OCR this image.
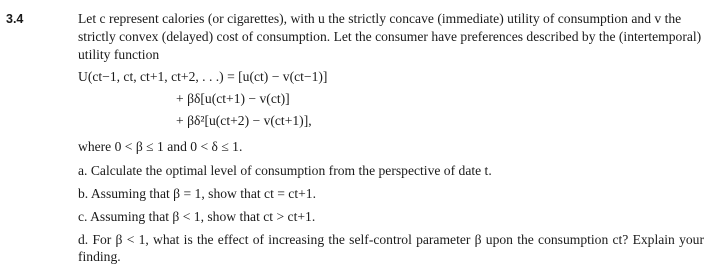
3.4	Let c represent calories (or cigarettes), with u the strictly concave (immediate) utility of consumption and v the strictly convex (delayed) cost of consumption. Let the consumer have preferences described by the (intertemporal) utility function

U(ct−1, ct, ct+1, ct+2, . . .) = [u(ct) − v(ct−1)]
+ βδ[u(ct+1) − v(ct)]
+ βδ²[u(ct+2) − v(ct+1)],

where 0 < β ≤ 1 and 0 < δ ≤ 1.

a. Calculate the optimal level of consumption from the perspective of date t.

b. Assuming that β = 1, show that ct = ct+1.

c. Assuming that β < 1, show that ct > ct+1.

d. For β < 1, what is the effect of increasing the self-control parameter β upon the consumption ct? Explain your finding.
